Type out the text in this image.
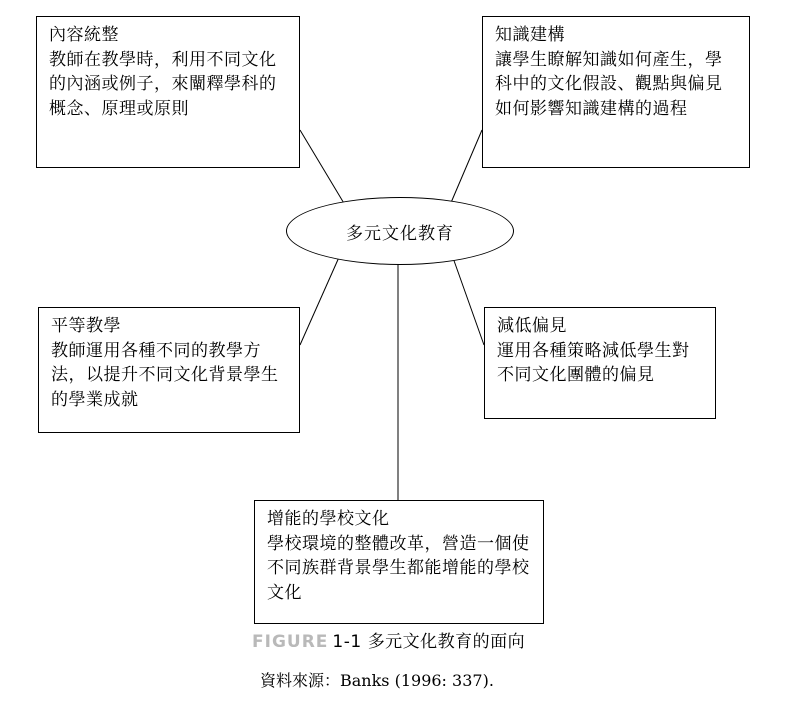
內容統整
教師在教學時，利用不同文化的內涵或例子，來闡釋學科的概念、原理或原則
知識建構
讓學生瞭解知識如何產生，學科中的文化假設、觀點與偏見如何影響知識建構的過程
多元文化教育
平等教學
教師運用各種不同的教學方法，以提升不同文化背景學生的學業成就
減低偏見
運用各種策略減低學生對不同文化團體的偏見
增能的學校文化
學校環境的整體改革，營造一個使不同族群背景學生都能增能的學校文化
FIGURE 1-1 多元文化教育的面向
資料來源：Banks (1996: 337).
